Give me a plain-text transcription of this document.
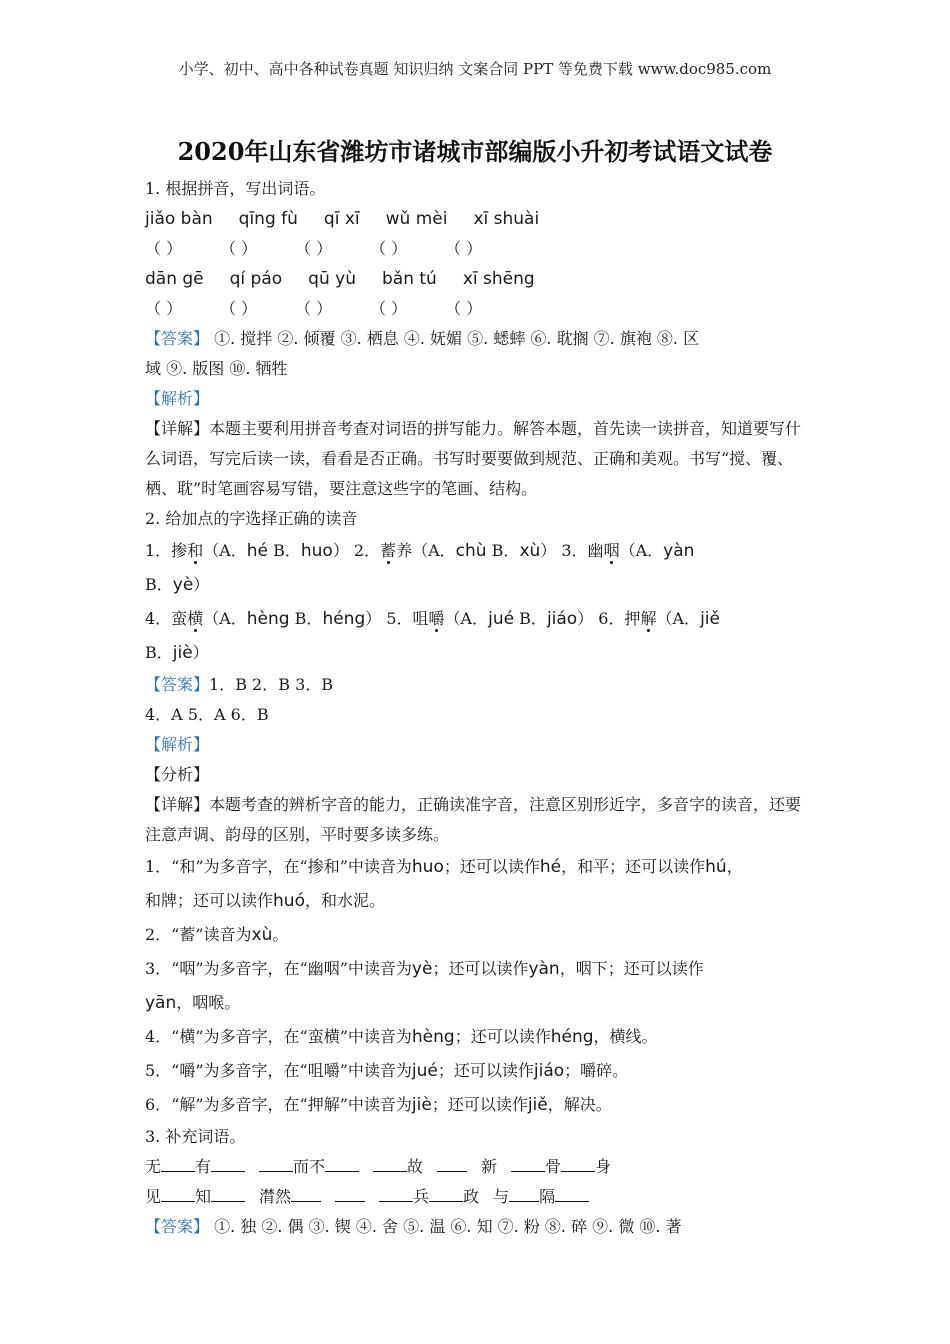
小学、初中、高中各种试卷真题 知识归纳 文案合同 PPT 等免费下载 www.doc985.com
2020年山东省潍坊市诸城市部编版小升初考试语文试卷
1. 根据拼音，写出词语。
jiǎo bàn qīng fù qī xī wǔ mèi xī shuài
（ ） （ ） （ ） （ ） （ ）
dān gē qí páo qū yù bǎn tú xī shēng
（ ） （ ） （ ） （ ） （ ）
【答案】 ①. 搅拌 ②. 倾覆 ③. 栖息 ④. 妩媚 ⑤. 蟋蟀 ⑥. 耽搁 ⑦. 旗袍 ⑧. 区
域 ⑨. 版图 ⑩. 牺牲
【解析】
【详解】本题主要利用拼音考查对词语的拼写能力。解答本题，首先读一读拼音，知道要写什么词语，写完后读一读，看看是否正确。书写时要要做到规范、正确和美观。书写“搅、覆、栖、耽”时笔画容易写错，要注意这些字的笔画、结构。
2. 给加点的字选择正确的读音
1．掺和（A．hé B．huo） 2．蓄养（A．chù B．xù） 3．幽咽（A．yàn
B．yè）
4．蛮横（A．hèng B．héng） 5．咀嚼（A．jué B．jiáo） 6．押解（A．jiě
B．jiè）
【答案】1．B 2．B 3．B
4．A 5．A 6．B
【解析】
【分析】
【详解】本题考查的辨析字音的能力，正确读准字音，注意区别形近字，多音字的读音，还要注意声调、韵母的区别，平时要多读多练。
1．“和”为多音字，在“掺和”中读音为huo；还可以读作hé，和平；还可以读作hú，
和牌；还可以读作huó，和水泥。
2．“蓄”读音为xù。
3．“咽”为多音字，在“幽咽”中读音为yè；还可以读作yàn，咽下；还可以读作
yān，咽喉。
4．“横”为多音字，在“蛮横”中读音为hèng；还可以读作héng，横线。
5．“嚼”为多音字，在“咀嚼”中读音为jué；还可以读作jiáo；嚼碎。
6．“解”为多音字，在“押解”中读音为jiè；还可以读作jiě，解决。
3. 补充词语。
无 有	而不	故	新	骨 身
见 知	潸然	兵 政 与 隔
【答案】 ①. 独 ②. 偶 ③. 锲 ④. 舍 ⑤. 温 ⑥. 知 ⑦. 粉 ⑧. 碎 ⑨. 微 ⑩. 著
